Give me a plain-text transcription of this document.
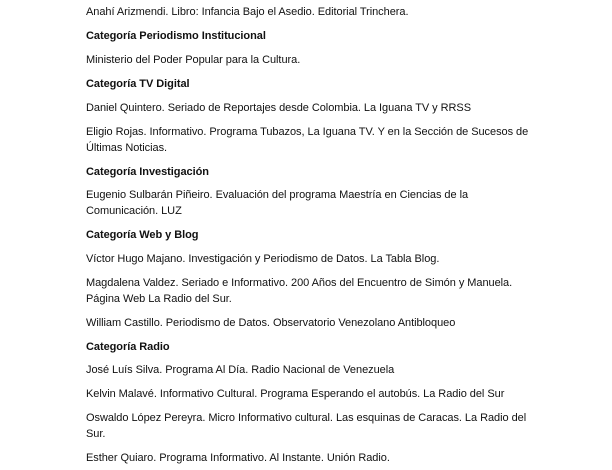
Anahí Arizmendi. Libro: Infancia Bajo el Asedio. Editorial Trinchera.
Categoría Periodismo Institucional
Ministerio del Poder Popular para la Cultura.
Categoría TV Digital
Daniel Quintero. Seriado de Reportajes desde Colombia. La Iguana TV y RRSS
Eligio Rojas. Informativo. Programa Tubazos, La Iguana TV. Y en la Sección de Sucesos de
Últimas Noticias.
Categoría Investigación
Eugenio Sulbarán Piñeiro. Evaluación del programa Maestría en Ciencias de la
Comunicación. LUZ
Categoría Web y Blog
Víctor Hugo Majano. Investigación y Periodismo de Datos. La Tabla Blog.
Magdalena Valdez. Seriado e Informativo. 200 Años del Encuentro de Simón y Manuela.
Página Web La Radio del Sur.
William Castillo. Periodismo de Datos. Observatorio Venezolano Antibloqueo
Categoría Radio
José Luís Silva. Programa Al Día. Radio Nacional de Venezuela
Kelvin Malavé. Informativo Cultural. Programa Esperando el autobús. La Radio del Sur
Oswaldo López Pereyra. Micro Informativo cultural. Las esquinas de Caracas. La Radio del
Sur.
Esther Quiaro. Programa Informativo. Al Instante. Unión Radio.
